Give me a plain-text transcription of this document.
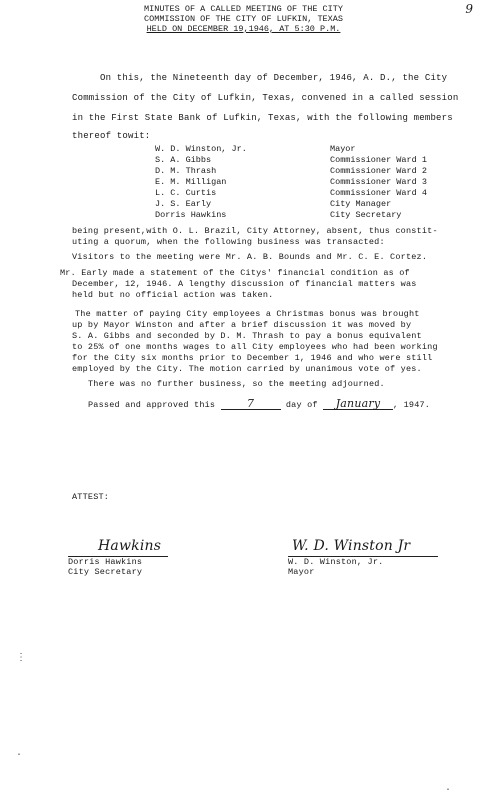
9
MINUTES OF A CALLED MEETING OF THE CITY
COMMISSION OF THE CITY OF LUFKIN, TEXAS
HELD ON DECEMBER 19,1946, AT 5:30 P.M.
On this, the Nineteenth day of December, 1946, A. D., the City
Commission of the City of Lufkin, Texas, convened in a called session
in the First State Bank of Lufkin, Texas, with the following members
thereof towit:
W. D. Winston, Jr.	Mayor
S. A. Gibbs	Commissioner Ward 1
D. M. Thrash	Commissioner Ward 2
E. M. Milligan	Commissioner Ward 3
L. C. Curtis	Commissioner Ward 4
J. S. Early	City Manager
Dorris Hawkins	City Secretary
being present,with O. L. Brazil, City Attorney, absent, thus constit-
uting a quorum, when the following business was transacted:
Visitors to the meeting were Mr. A. B. Bounds and Mr. C. E. Cortez.
Mr. Early made a statement of the Citys' financial condition as of
December, 12, 1946. A lengthy discussion of financial matters was
held but no official action was taken.
The matter of paying City employees a Christmas bonus was brought
up by Mayor Winston and after a brief discussion it was moved by
S. A. Gibbs and seconded by D. M. Thrash to pay a bonus equivalent
to 25% of one months wages to all City employees who had been working
for the City six months prior to December 1, 1946 and who were still
employed by the City. The motion carried by unanimous vote of yes.
There was no further business, so the meeting adjourned.
Passed and approved this	7	day of January , 1947.
ATTEST:
Hawkins
Dorris Hawkins
City Secretary
W. D. Winston Jr
W. D. Winston, Jr.
Mayor
⋮
·
·
